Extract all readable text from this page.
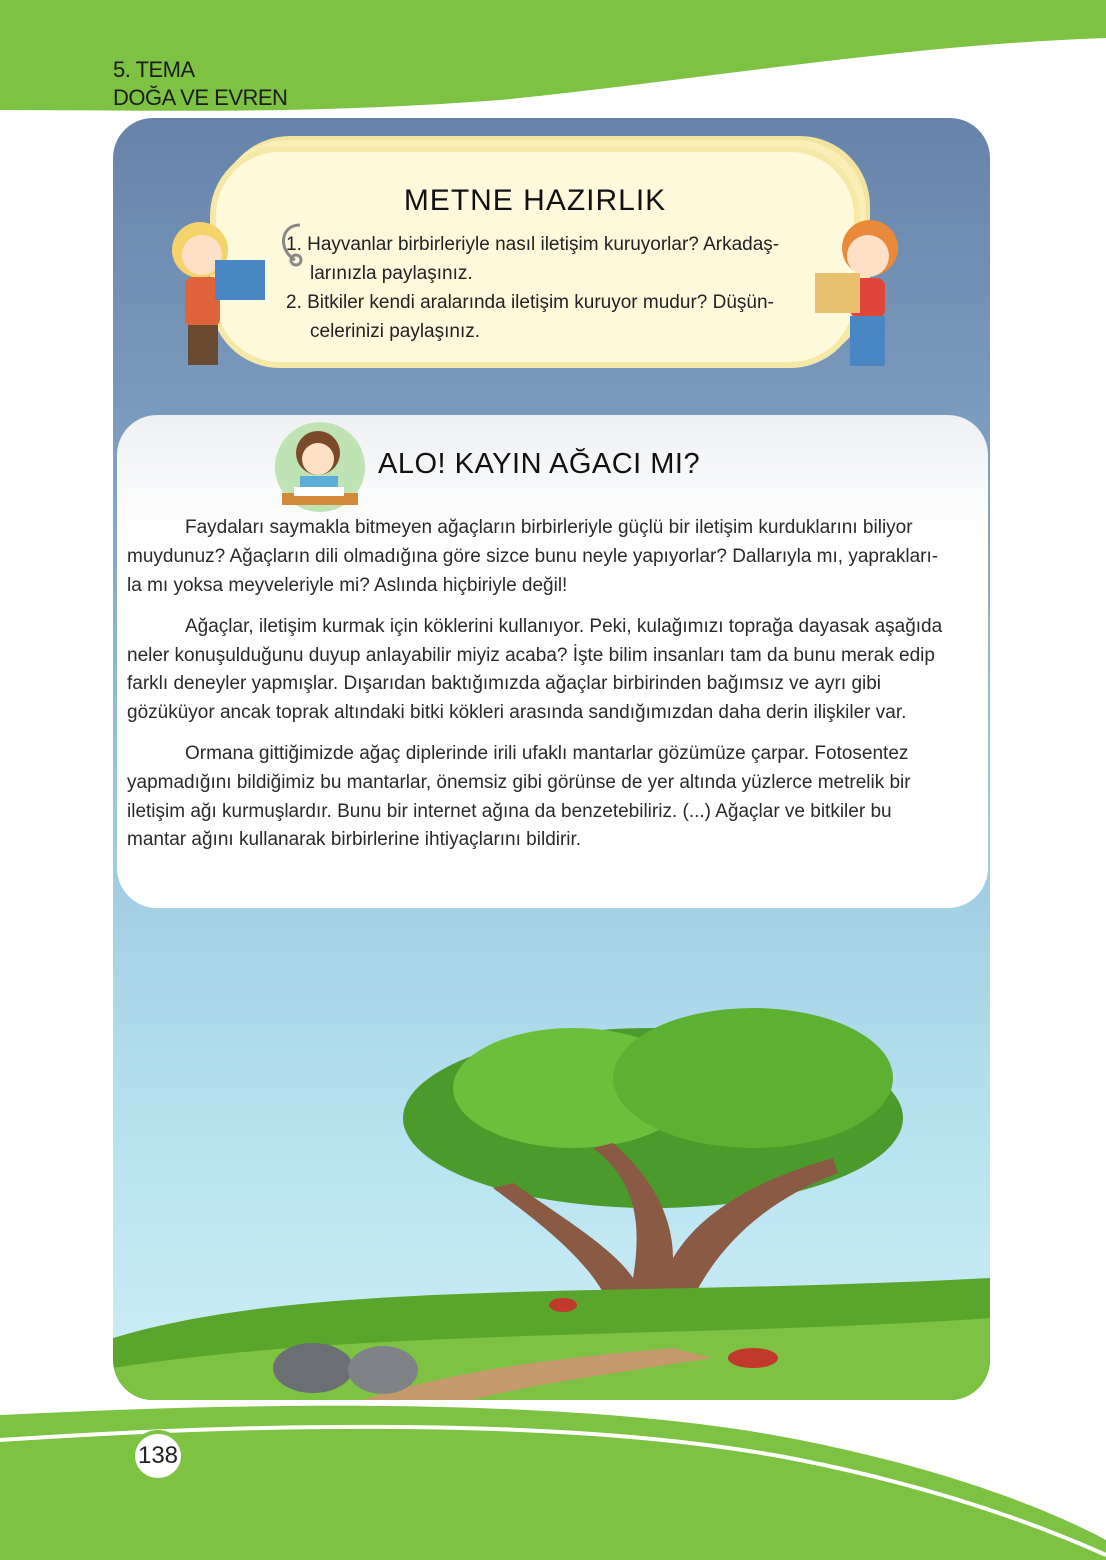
5. TEMA
DOĞA VE EVREN
METNE HAZIRLIK
1. Hayvanlar birbirleriyle nasıl iletişim kuruyorlar? Arkadaş-
larınızla paylaşınız.
2. Bitkiler kendi aralarında iletişim kuruyor mudur? Düşün-
celerinizi paylaşınız.
ALO! KAYIN AĞACI MI?
Faydaları saymakla bitmeyen ağaçların birbirleriyle güçlü bir iletişim kurduklarını biliyor
muydunuz? Ağaçların dili olmadığına göre sizce bunu neyle yapıyorlar? Dallarıyla mı, yaprakları-
la mı yoksa meyveleriyle mi? Aslında hiçbiriyle değil!
Ağaçlar, iletişim kurmak için köklerini kullanıyor. Peki, kulağımızı toprağa dayasak aşağıda
neler konuşulduğunu duyup anlayabilir miyiz acaba? İşte bilim insanları tam da bunu merak edip
farklı deneyler yapmışlar. Dışarıdan baktığımızda ağaçlar birbirinden bağımsız ve ayrı gibi
gözüküyor ancak toprak altındaki bitki kökleri arasında sandığımızdan daha derin ilişkiler var.
Ormana gittiğimizde ağaç diplerinde irili ufaklı mantarlar gözümüze çarpar. Fotosentez
yapmadığını bildiğimiz bu mantarlar, önemsiz gibi görünse de yer altında yüzlerce metrelik bir
iletişim ağı kurmuşlardır. Bunu bir internet ağına da benzetebiliriz. (...) Ağaçlar ve bitkiler bu
mantar ağını kullanarak birbirlerine ihtiyaçlarını bildirir.
138
